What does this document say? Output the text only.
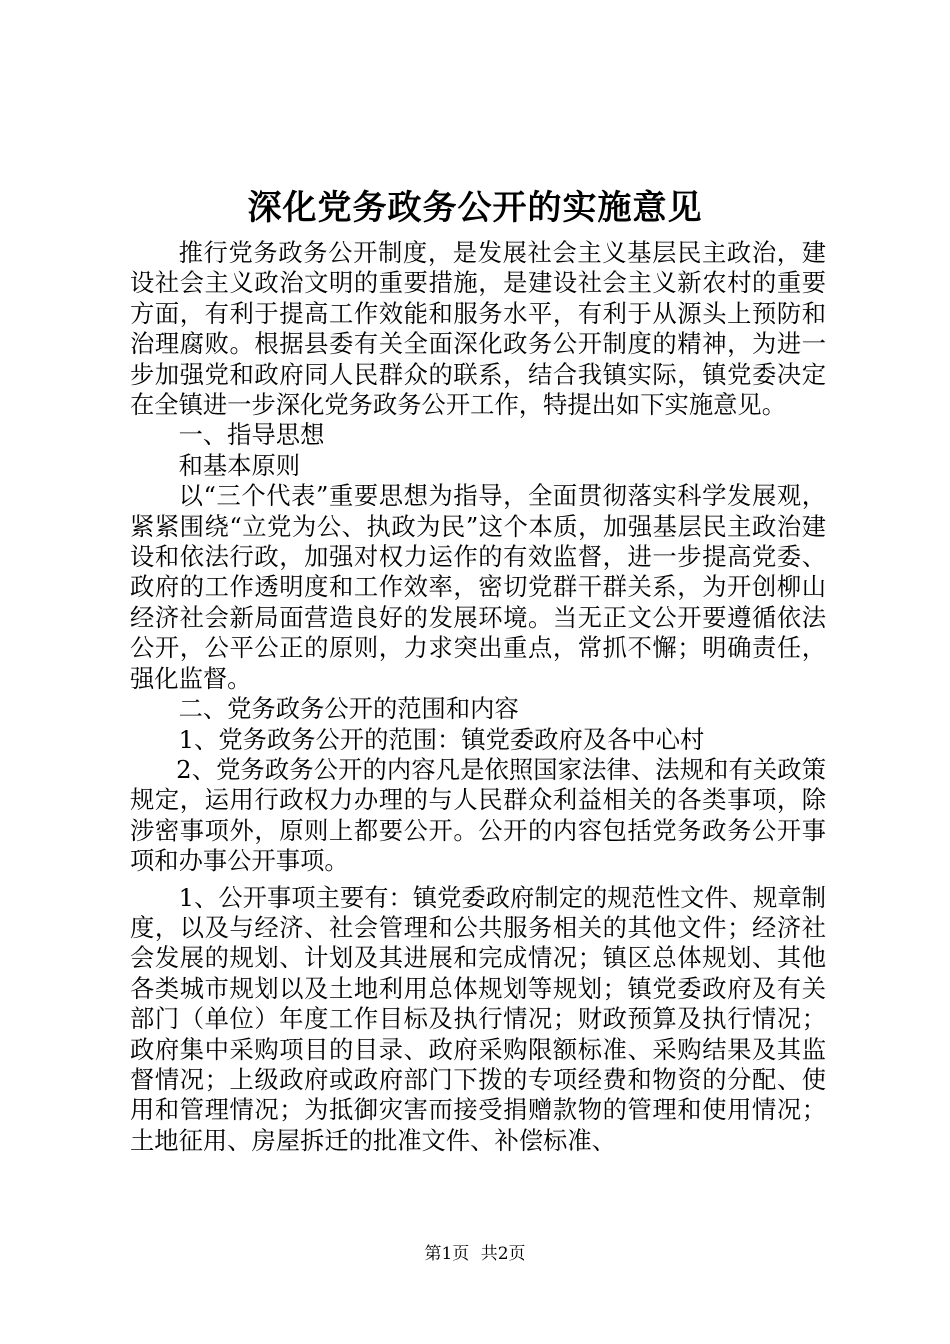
深化党务政务公开的实施意见

推行党务政务公开制度，是发展社会主义基层民主政治，建设社会主义政治文明的重要措施，是建设社会主义新农村的重要方面，有利于提高工作效能和服务水平，有利于从源头上预防和治理腐败。根据县委有关全面深化政务公开制度的精神，为进一步加强党和政府同人民群众的联系，结合我镇实际，镇党委决定在全镇进一步深化党务政务公开工作，特提出如下实施意见。

一、指导思想

和基本原则

以“三个代表”重要思想为指导，全面贯彻落实科学发展观，紧紧围绕“立党为公、执政为民”这个本质，加强基层民主政治建设和依法行政，加强对权力运作的有效监督，进一步提高党委、政府的工作透明度和工作效率，密切党群干群关系，为开创柳山经济社会新局面营造良好的发展环境。当无正文公开要遵循依法公开，公平公正的原则，力求突出重点，常抓不懈；明确责任，强化监督。

二、党务政务公开的范围和内容

1、党务政务公开的范围：镇党委政府及各中心村

2、党务政务公开的内容凡是依照国家法律、法规和有关政策规定，运用行政权力办理的与人民群众利益相关的各类事项，除涉密事项外，原则上都要公开。公开的内容包括党务政务公开事项和办事公开事项。

1、公开事项主要有：镇党委政府制定的规范性文件、规章制度，以及与经济、社会管理和公共服务相关的其他文件；经济社会发展的规划、计划及其进展和完成情况；镇区总体规划、其他各类城市规划以及土地利用总体规划等规划；镇党委政府及有关部门（单位）年度工作目标及执行情况；财政预算及执行情况；政府集中采购项目的目录、政府采购限额标准、采购结果及其监督情况；上级政府或政府部门下拨的专项经费和物资的分配、使用和管理情况；为抵御灾害而接受捐赠款物的管理和使用情况；土地征用、房屋拆迁的批准文件、补偿标准、

第1页 共2页
